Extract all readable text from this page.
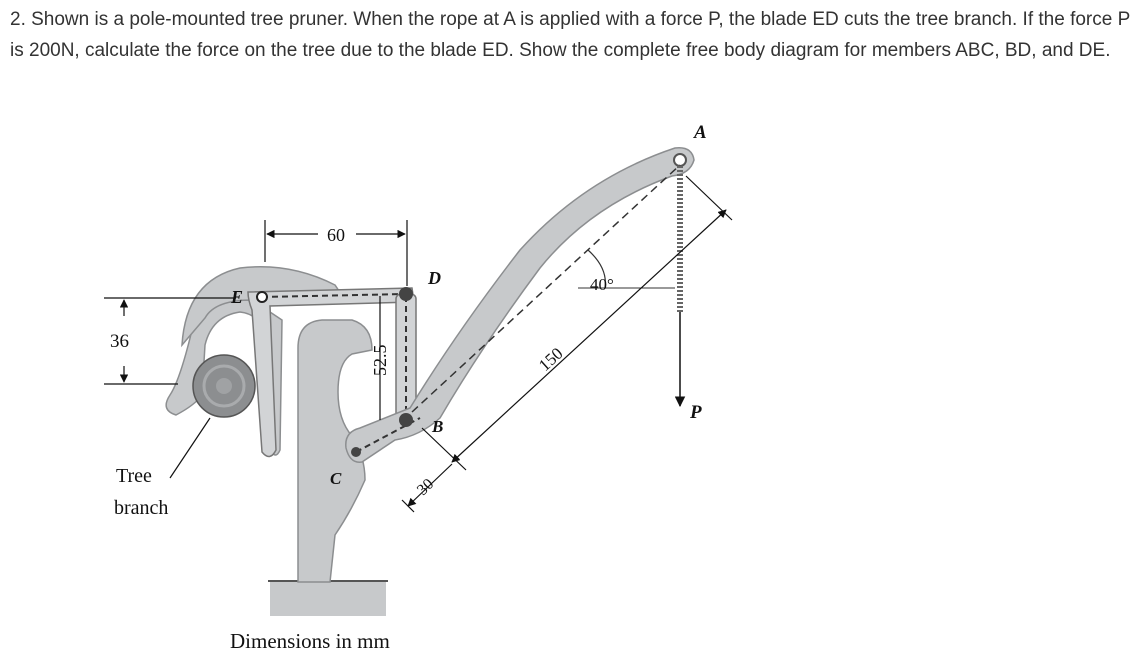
2. Shown is a pole-mounted tree pruner. When the rope at A is applied with a force P, the blade ED cuts the tree branch. If the force P is 200N, calculate the force on the tree due to the blade ED. Show the complete free body diagram for members ABC, BD, and DE.
60
52.5
36
150
30
40°
A
B
C
D
E
P
Tree
branch
Dimensions in mm
